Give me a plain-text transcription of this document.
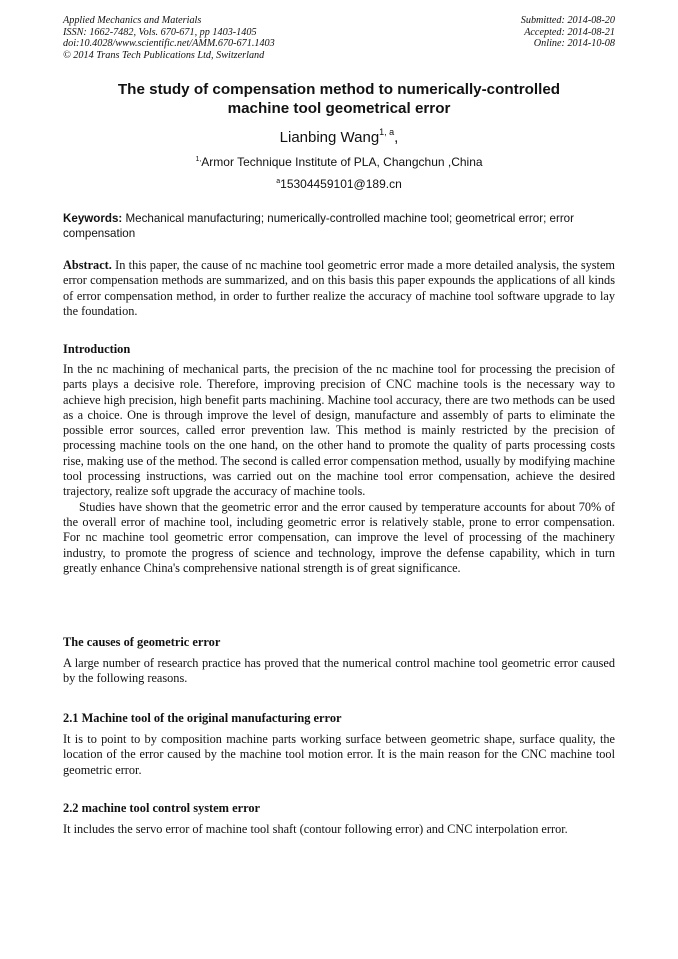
Applied Mechanics and Materials
ISSN: 1662-7482, Vols. 670-671, pp 1403-1405
doi:10.4028/www.scientific.net/AMM.670-671.1403
© 2014 Trans Tech Publications Ltd, Switzerland
Submitted: 2014-08-20
Accepted: 2014-08-21
Online: 2014-10-08
The study of compensation method to numerically-controlled
machine tool geometrical error
Lianbing Wang$^{1, a}$,
$^{1,}$Armor Technique Institute of PLA, Changchun ,China
$^a$15304459101@189.cn
Keywords: Mechanical manufacturing; numerically-controlled machine tool; geometrical error; error compensation
Abstract. In this paper, the cause of nc machine tool geometric error made a more detailed analysis, the system error compensation methods are summarized, and on this basis this paper expounds the applications of all kinds of error compensation method, in order to further realize the accuracy of machine tool software upgrade to lay the foundation.
Introduction

In the nc machining of mechanical parts, the precision of the nc machine tool for processing the precision of parts plays a decisive role. Therefore, improving precision of CNC machine tools is the necessary way to achieve high precision, high benefit parts machining. Machine tool accuracy, there are two methods can be used as a choice. One is through improve the level of design, manufacture and assembly of parts to eliminate the possible error sources, called error prevention law. This method is mainly restricted by the precision of processing machine tools on the one hand, on the other hand to promote the quality of parts processing costs rise, making use of the method. The second is called error compensation method, usually by modifying machine tool processing instructions, was carried out on the machine tool error compensation, achieve the desired trajectory, realize soft upgrade the accuracy of machine tools.

Studies have shown that the geometric error and the error caused by temperature accounts for about 70% of the overall error of machine tool, including geometric error is relatively stable, prone to error compensation. For nc machine tool geometric error compensation, can improve the level of processing of the machinery industry, to promote the progress of science and technology, improve the defense capability, which in turn greatly enhance China's comprehensive national strength is of great significance.

The causes of geometric error

A large number of research practice has proved that the numerical control machine tool geometric error caused by the following reasons.

2.1 Machine tool of the original manufacturing error

It is to point to by composition machine parts working surface between geometric shape, surface quality, the location of the error caused by the machine tool motion error. It is the main reason for the CNC machine tool geometric error.

2.2 machine tool control system error

It includes the servo error of machine tool shaft (contour following error) and CNC interpolation error.
